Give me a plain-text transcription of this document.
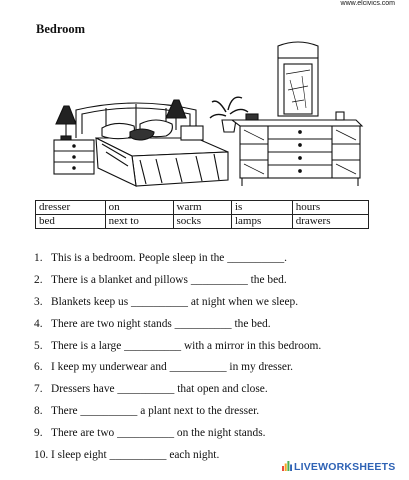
www.elcivics.com
Bedroom
dresser	on	warm	is	hours
bed	next to	socks	lamps	drawers
1. This is a bedroom. People sleep in the __________.
2. There is a blanket and pillows __________ the bed.
3. Blankets keep us __________ at night when we sleep.
4. There are two night stands __________ the bed.
5. There is a large __________ with a mirror in this bedroom.
6. I keep my underwear and __________ in my dresser.
7. Dressers have __________ that open and close.
8. There __________ a plant next to the dresser.
9. There are two __________ on the night stands.
10. I sleep eight __________ each night.
LIVEWORKSHEETS
